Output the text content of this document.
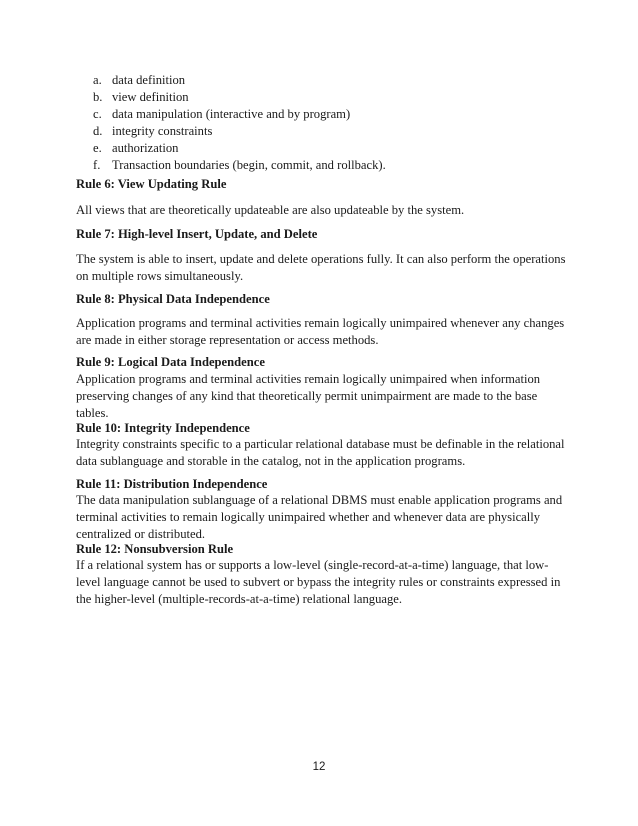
a. data definition
b. view definition
c. data manipulation (interactive and by program)
d. integrity constraints
e. authorization
f. Transaction boundaries (begin, commit, and rollback).
Rule 6: View Updating Rule
All views that are theoretically updateable are also updateable by the system.
Rule 7: High-level Insert, Update, and Delete
The system is able to insert, update and delete operations fully. It can also perform the operations on multiple rows simultaneously.
Rule 8: Physical Data Independence
Application programs and terminal activities remain logically unimpaired whenever any changes are made in either storage representation or access methods.
Rule 9: Logical Data Independence
Application programs and terminal activities remain logically unimpaired when information preserving changes of any kind that theoretically permit unimpairment are made to the base tables.
Rule 10: Integrity Independence
Integrity constraints specific to a particular relational database must be definable in the relational data sublanguage and storable in the catalog, not in the application programs.
Rule 11: Distribution Independence
The data manipulation sublanguage of a relational DBMS must enable application programs and terminal activities to remain logically unimpaired whether and whenever data are physically centralized or distributed.
Rule 12: Nonsubversion Rule
If a relational system has or supports a low-level (single-record-at-a-time) language, that low-level language cannot be used to subvert or bypass the integrity rules or constraints expressed in the higher-level (multiple-records-at-a-time) relational language.
12
